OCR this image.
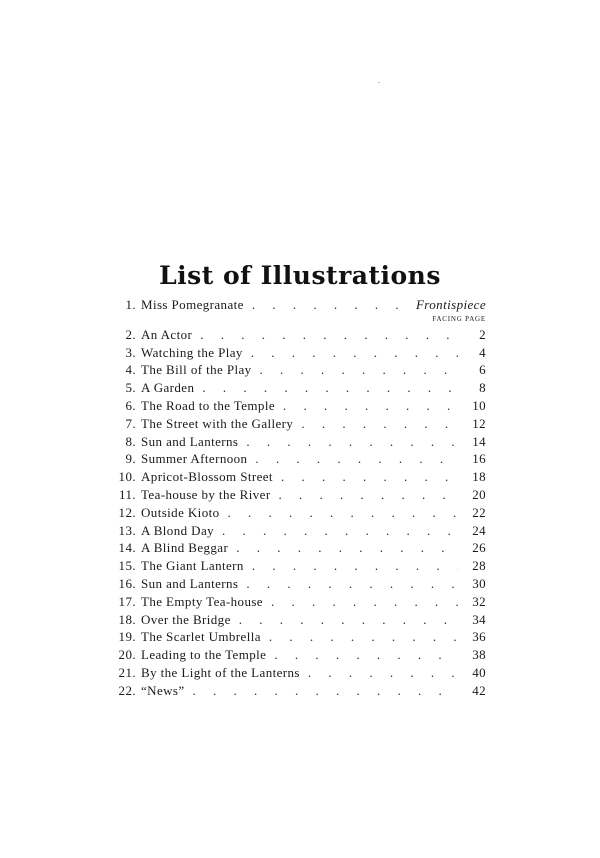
List of Illustrations
1. Miss Pomegranate . . .	Frontispiece
FACING PAGE
2. An Actor . . .	2
3. Watching the Play . . .	4
4. The Bill of the Play . . .	6
5. A Garden . . .	8
6. The Road to the Temple . . .	10
7. The Street with the Gallery . . .	12
8. Sun and Lanterns . . .	14
9. Summer Afternoon . . .	16
10. Apricot-Blossom Street . . .	18
11. Tea-house by the River . . .	20
12. Outside Kioto . . .	22
13. A Blond Day . . .	24
14. A Blind Beggar . . .	26
15. The Giant Lantern . . .	28
16. Sun and Lanterns . . .	30
17. The Empty Tea-house . . .	32
18. Over the Bridge . . .	34
19. The Scarlet Umbrella . . .	36
20. Leading to the Temple . . .	38
21. By the Light of the Lanterns . . .	40
22. “News” . . .	42
